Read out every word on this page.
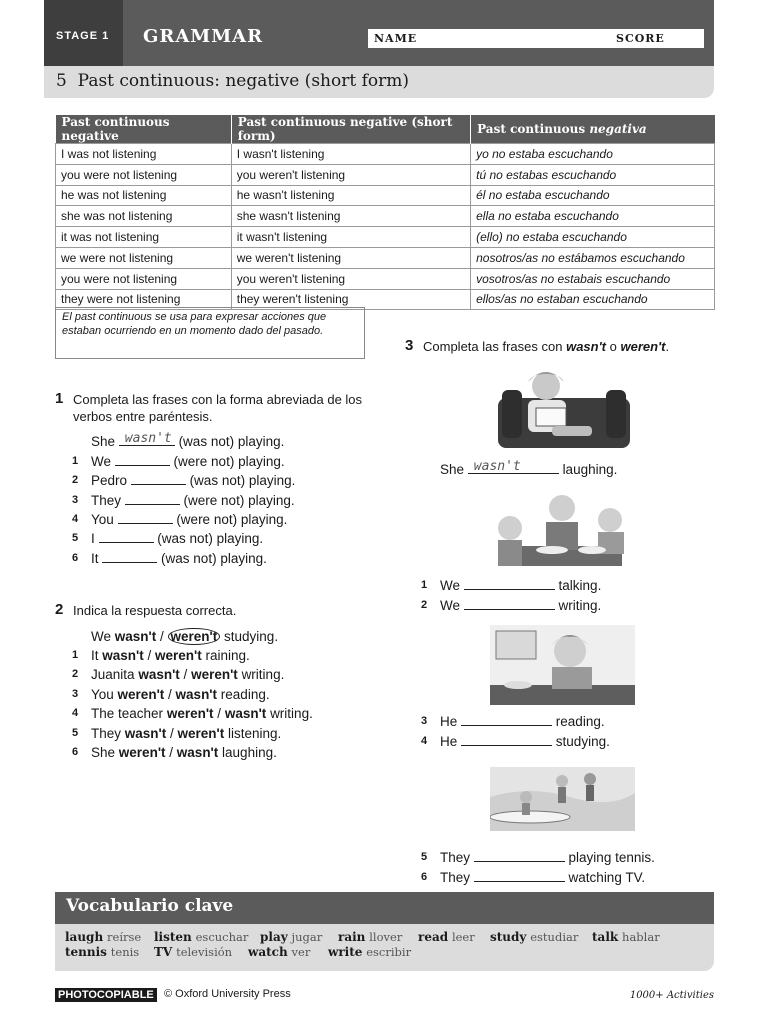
STAGE 1	GRAMMAR	NAME	SCORE
5 Past continuous: negative (short form)
Past continuous negative	Past continuous negative (short form)	Past continuous negativa
I was not listening	I wasn't listening	yo no estaba escuchando
you were not listening	you weren't listening	tú no estabas escuchando
he was not listening	he wasn't listening	él no estaba escuchando
she was not listening	she wasn't listening	ella no estaba escuchando
it was not listening	it wasn't listening	(ello) no estaba escuchando
we were not listening	we weren't listening	nosotros/as no estábamos escuchando
you were not listening	you weren't listening	vosotros/as no estabais escuchando
they were not listening	they weren't listening	ellos/as no estaban escuchando
El past continuous se usa para expresar acciones que estaban ocurriendo en un momento dado del pasado.
1 Completa las frases con la forma abreviada de los verbos entre paréntesis.
She wasn't (was not) playing.
1 We	(were not) playing.
2 Pedro	(was not) playing.
3 They	(were not) playing.
4 You	(were not) playing.
5 I	(was not) playing.
6 It	(was not) playing.
2 Indica la respuesta correcta.
We wasn't / weren't studying.
1 It wasn't / weren't raining.
2 Juanita wasn't / weren't writing.
3 You weren't / wasn't reading.
4 The teacher weren't / wasn't writing.
5 They wasn't / weren't listening.
6 She weren't / wasn't laughing.
3 Completa las frases con wasn't o weren't.
She wasn't	laughing.
1 We	talking.
2 We	writing.
3 He	reading.
4 He	studying.
5 They	playing tennis.
6 They	watching TV.
Vocabulario clave
laugh reírse listen escuchar play jugar rain llover read leer study estudiar talk hablar
tennis tenis TV televisión watch ver write escribir
PHOTOCOPIABLE © Oxford University Press	1000+ Activities
